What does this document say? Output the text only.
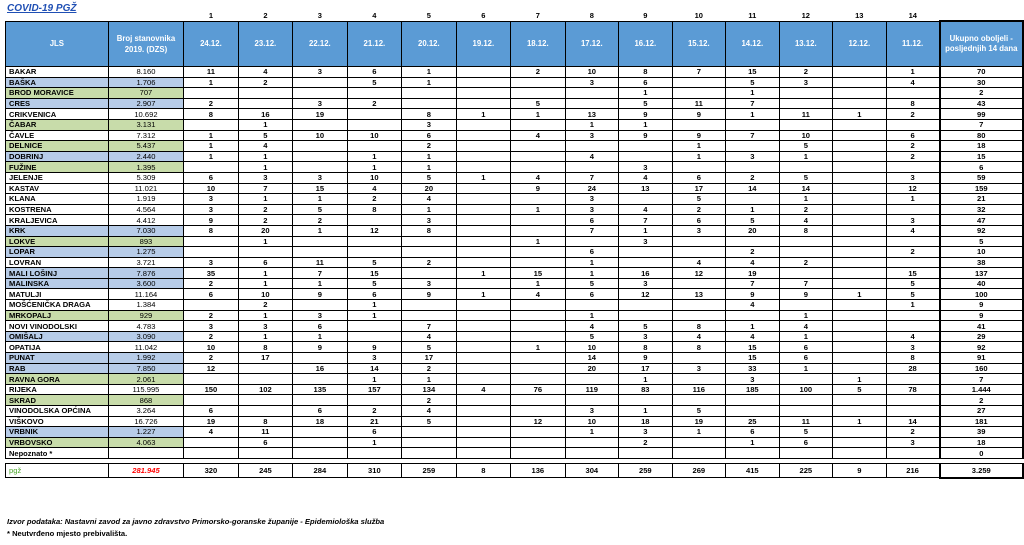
COVID-19 PGŽ
		1	2	3	4	5	6	7	8	9	10	11	12	13	14	
JLS	Broj stanovnika 2019. (DZS)	24.12.	23.12.	22.12.	21.12.	20.12.	19.12.	18.12.	17.12.	16.12.	15.12.	14.12.	13.12.	12.12.	11.12.	Ukupno oboljeli - posljednjih 14 dana
BAKAR	8.160	11	4	3	6	1		2	10	8	7	15	2		1	70
BAŠKA	1.706	1	2		5	1			3	6		5	3		4	30
BROD MORAVICE	707									1		1				2
CRES	2.907	2		3	2			5		5	11	7			8	43
CRIKVENICA	10.692	8	16	19		8	1	1	13	9	9	1	11	1	2	99
ČABAR	3.131		1			3			1	1						7
ČAVLE	7.312	1	5	10	10	6		4	3	9	9	7	10		6	80
DELNICE	5.437	1	4			2					1		5		2	18
DOBRINJ	2.440	1	1		1	1			4		1	3	1		2	15
FUŽINE	1.395		1		1	1				3						6
JELENJE	5.309	6	3	3	10	5	1	4	7	4	6	2	5		3	59
KASTAV	11.021	10	7	15	4	20		9	24	13	17	14	14		12	159
KLANA	1.919	3	1	1	2	4			3		5		1		1	21
KOSTRENA	4.564	3	2	5	8	1		1	3	4	2	1	2			32
KRALJEVICA	4.412	9	2	2		3			6	7	6	5	4		3	47
KRK	7.030	8	20	1	12	8			7	1	3	20	8		4	92
LOKVE	893		1					1		3						5
LOPAR	1.275								6			2			2	10
LOVRAN	3.721	3	6	11	5	2			1		4	4	2			38
MALI LOŠINJ	7.876	35	1	7	15		1	15	1	16	12	19			15	137
MALINSKA	3.600	2	1	1	5	3		1	5	3		7	7		5	40
MATULJI	11.164	6	10	9	6	9	1	4	6	12	13	9	9	1	5	100
MOŠĆENIČKA DRAGA	1.384		2		1							4			1	9
MRKOPALJ	929	2	1	3	1				1				1			9
NOVI VINODOLSKI	4.783	3	3	6		7			4	5	8	1	4			41
OMIŠALJ	3.090	2	1	1		4			5	3	4	4	1		4	29
OPATIJA	11.042	10	8	9	9	5		1	10	8	8	15	6		3	92
PUNAT	1.992	2	17		3	17			14	9		15	6		8	91
RAB	7.850	12		16	14	2			20	17	3	33	1		28	160
RAVNA GORA	2.061				1	1				1		3		1		7
RIJEKA	115.995	150	102	135	157	134	4	76	119	83	116	185	100	5	78	1.444
SKRAD	868					2										2
VINODOLSKA OPĆINA	3.264	6		6	2	4			3	1	5					27
VIŠKOVO	16.726	19	8	18	21	5		12	10	18	19	25	11	1	14	181
VRBNIK	1.227	4	11		6				1	3	1	6	5		2	39
VRBOVSKO	4.063		6		1					2		1	6		3	18
Nepoznato *																0

pgž	281.945	320	245	284	310	259	8	136	304	259	269	415	225	9	216	3.259
Izvor podataka: Nastavni zavod za javno zdravstvo Primorsko-goranske županije - Epidemiološka služba
* Neutvrđeno mjesto prebivališta.
